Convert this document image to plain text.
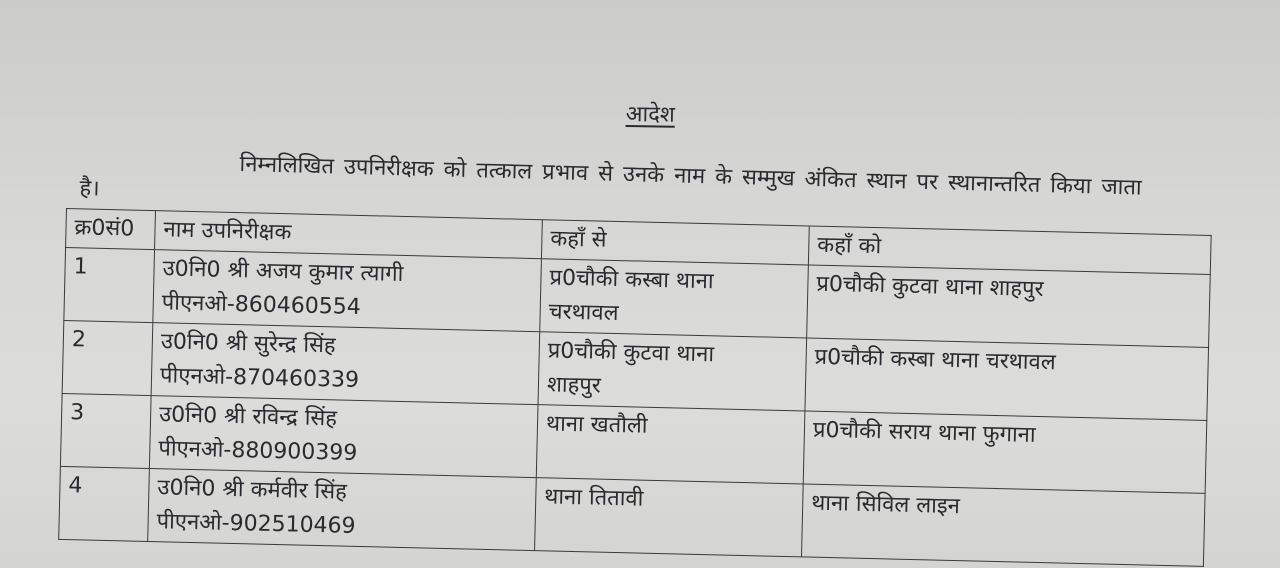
आदेश
निम्नलिखित उपनिरीक्षक को तत्काल प्रभाव से उनके नाम के सम्मुख अंकित स्थान पर स्थानान्तरित किया जाता
है।
क्र0सं0	नाम उपनिरीक्षक	कहाँ से	कहाँ को
1	उ0नि0 श्री अजय कुमार त्यागी
पीएनओ-860460554	प्र0चौकी कस्बा थाना
चरथावल	प्र0चौकी कुटवा थाना शाहपुर

2	उ0नि0 श्री सुरेन्द्र सिंह
पीएनओ-870460339	प्र0चौकी कुटवा थाना
शाहपुर	प्र0चौकी कस्बा थाना चरथावल

3	उ0नि0 श्री रविन्द्र सिंह
पीएनओ-880900399	थाना खतौली	प्र0चौकी सराय थाना फुगाना

4	उ0नि0 श्री कर्मवीर सिंह
पीएनओ-902510469	थाना तितावी	थाना सिविल लाइन
